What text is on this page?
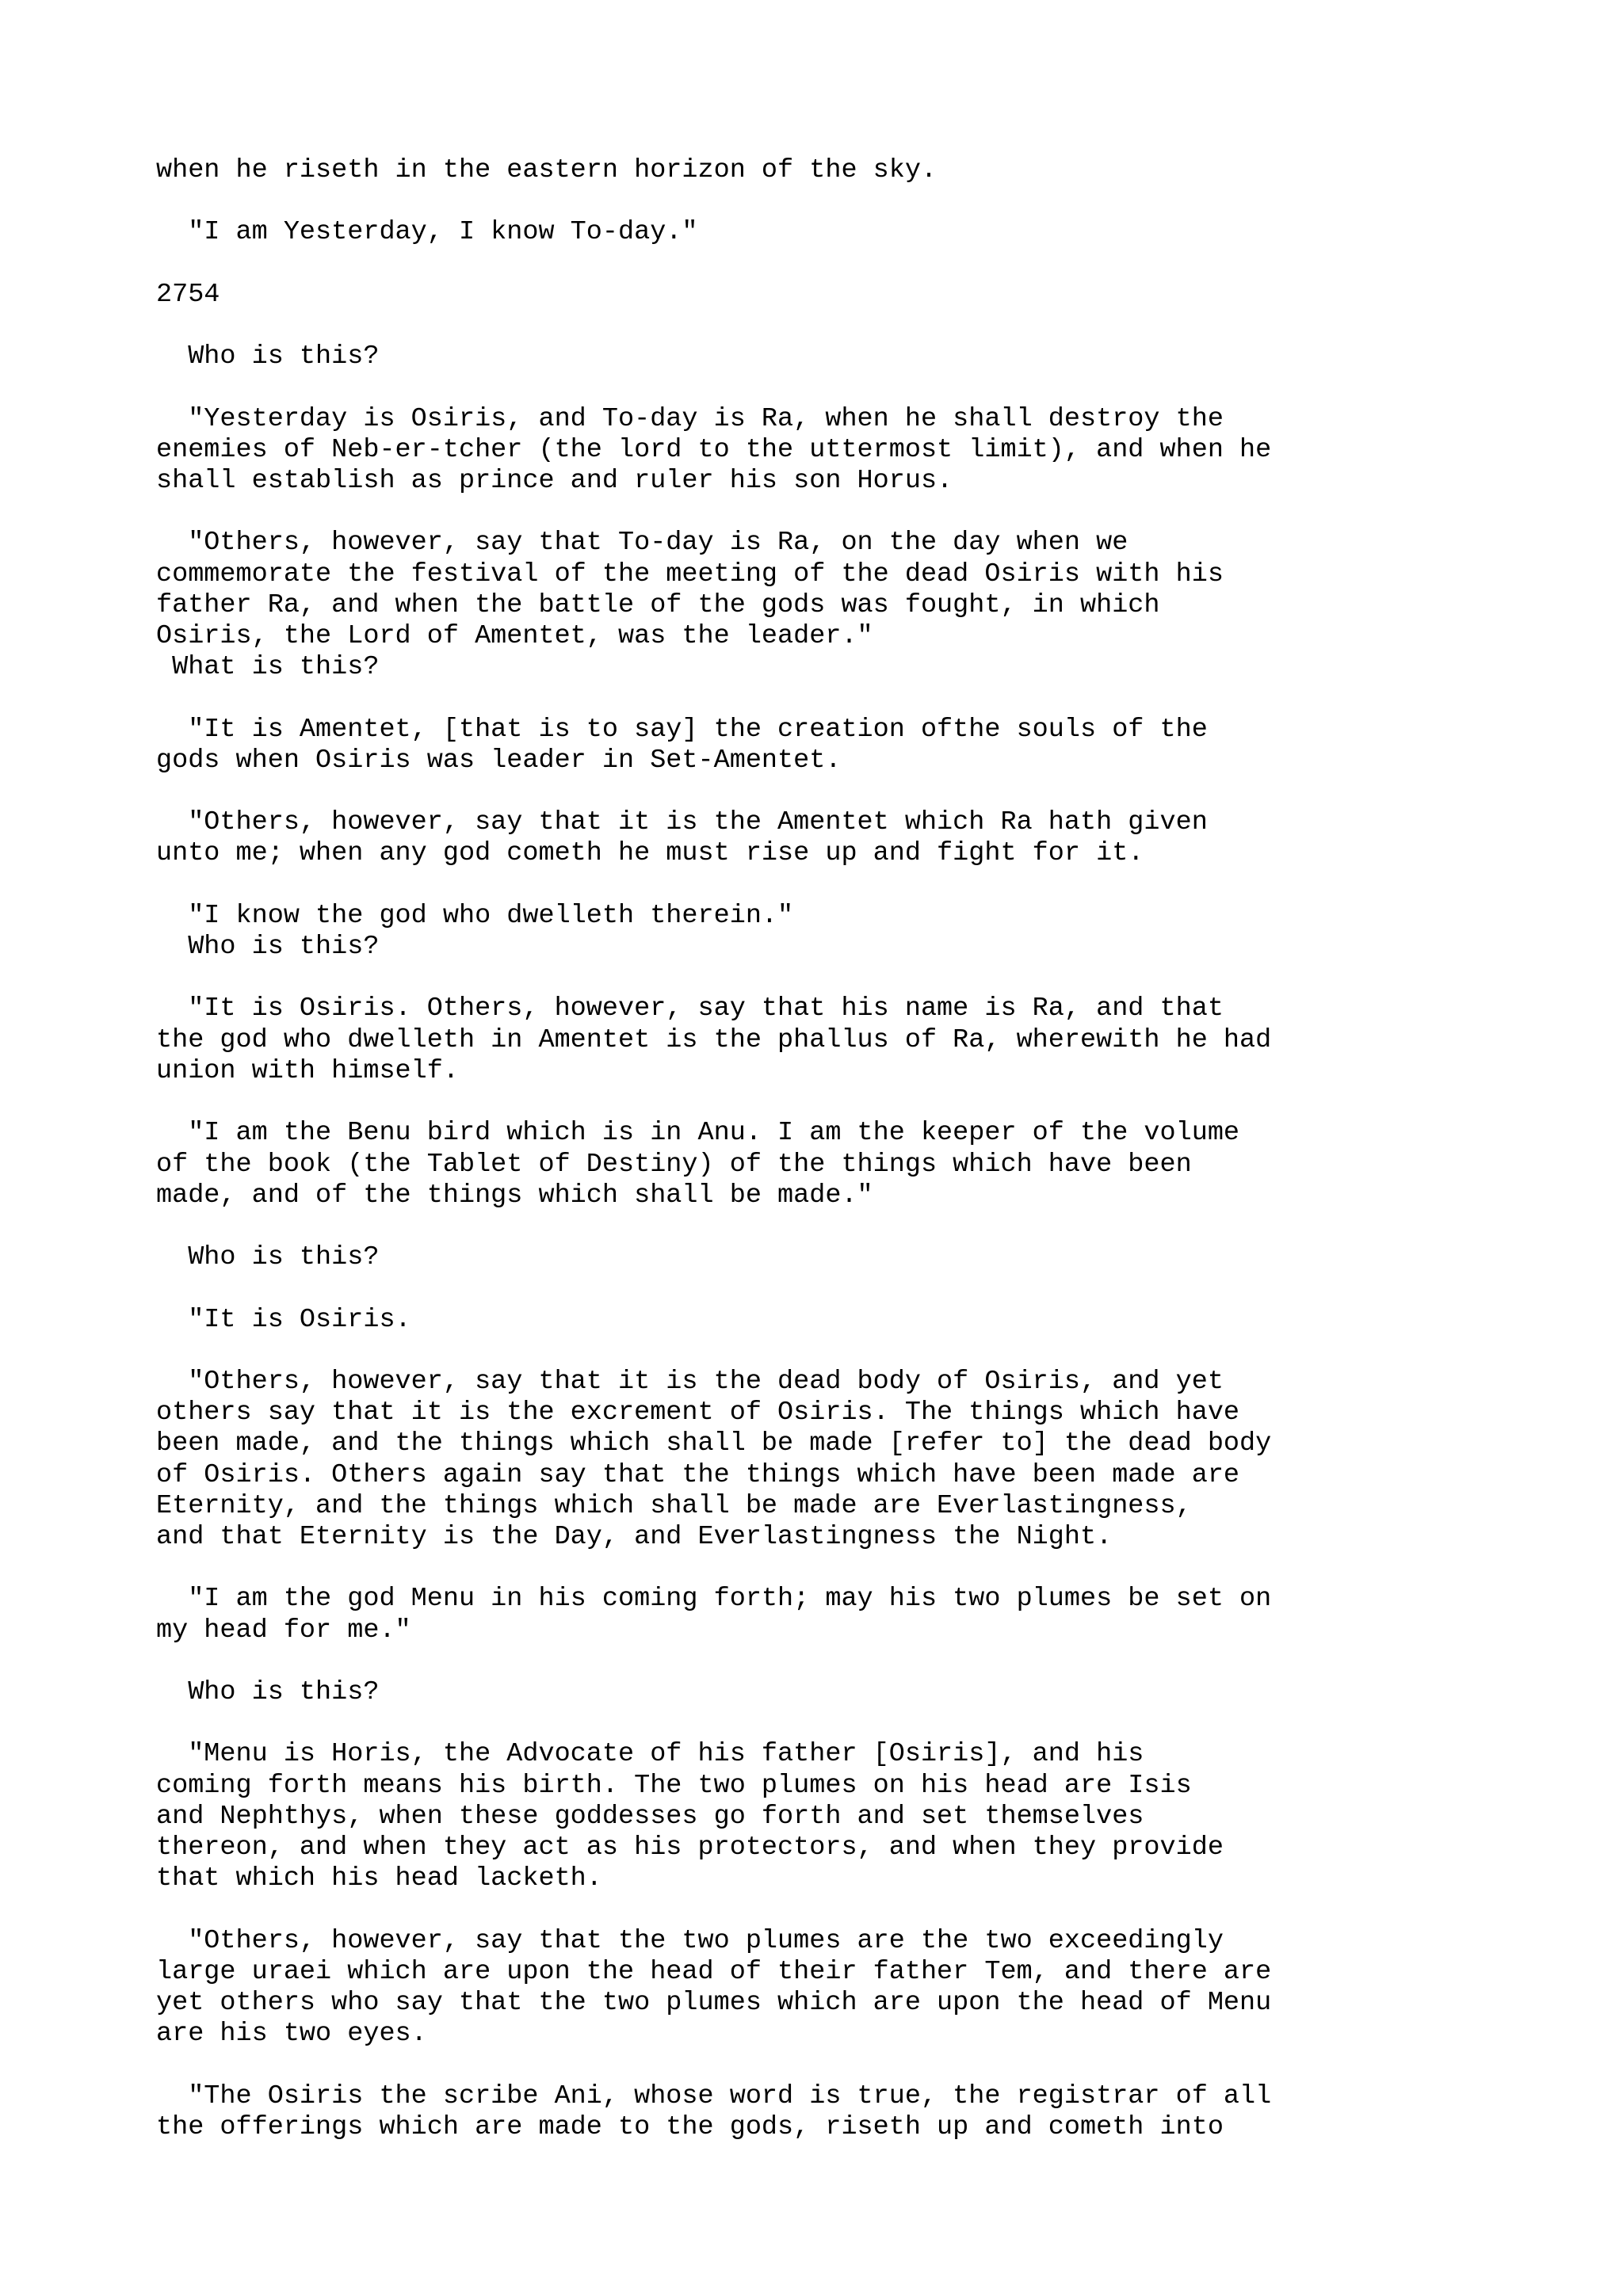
when he riseth in the eastern horizon of the sky.

"I am Yesterday, I know To-day."

2754

Who is this?

"Yesterday is Osiris, and To-day is Ra, when he shall destroy the
enemies of Neb-er-tcher (the lord to the uttermost limit), and when he
shall establish as prince and ruler his son Horus.

"Others, however, say that To-day is Ra, on the day when we
commemorate the festival of the meeting of the dead Osiris with his
father Ra, and when the battle of the gods was fought, in which
Osiris, the Lord of Amentet, was the leader."
What is this?

"It is Amentet, [that is to say] the creation ofthe souls of the
gods when Osiris was leader in Set-Amentet.

"Others, however, say that it is the Amentet which Ra hath given
unto me; when any god cometh he must rise up and fight for it.

"I know the god who dwelleth therein."
Who is this?

"It is Osiris. Others, however, say that his name is Ra, and that
the god who dwelleth in Amentet is the phallus of Ra, wherewith he had
union with himself.

"I am the Benu bird which is in Anu. I am the keeper of the volume
of the book (the Tablet of Destiny) of the things which have been
made, and of the things which shall be made."

Who is this?

"It is Osiris.

"Others, however, say that it is the dead body of Osiris, and yet
others say that it is the excrement of Osiris. The things which have
been made, and the things which shall be made [refer to] the dead body
of Osiris. Others again say that the things which have been made are
Eternity, and the things which shall be made are Everlastingness,
and that Eternity is the Day, and Everlastingness the Night.

"I am the god Menu in his coming forth; may his two plumes be set on
my head for me."

Who is this?

"Menu is Horis, the Advocate of his father [Osiris], and his
coming forth means his birth. The two plumes on his head are Isis
and Nephthys, when these goddesses go forth and set themselves
thereon, and when they act as his protectors, and when they provide
that which his head lacketh.

"Others, however, say that the two plumes are the two exceedingly
large uraei which are upon the head of their father Tem, and there are
yet others who say that the two plumes which are upon the head of Menu
are his two eyes.

"The Osiris the scribe Ani, whose word is true, the registrar of all
the offerings which are made to the gods, riseth up and cometh into
